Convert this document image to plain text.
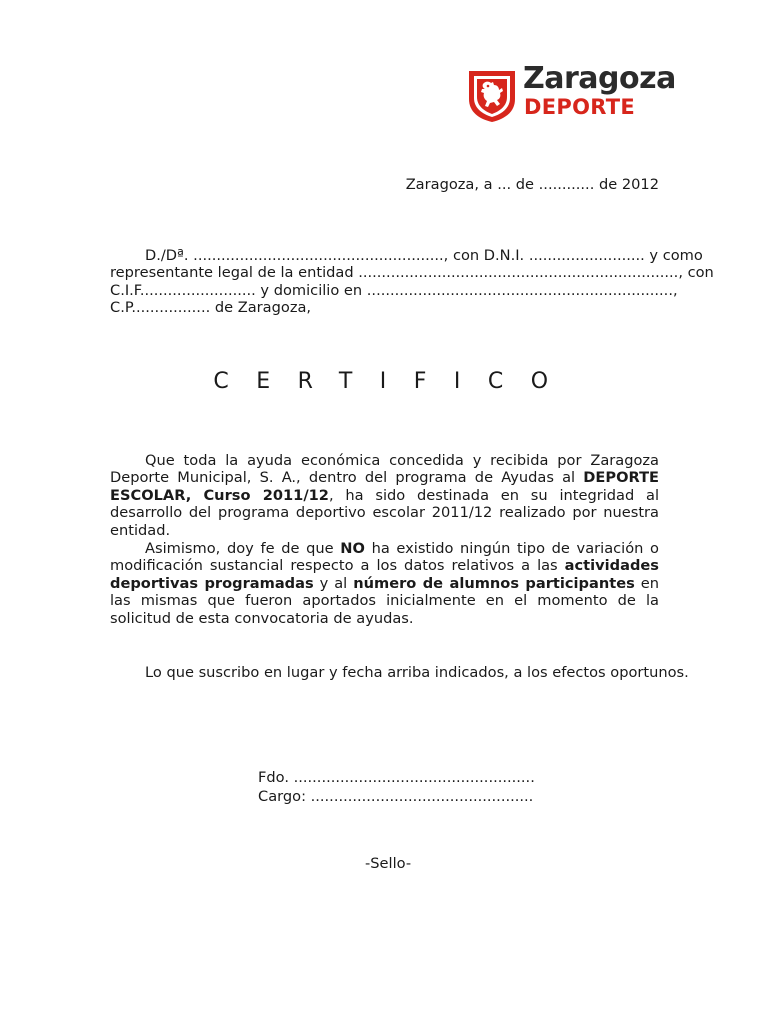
Zaragoza
DEPORTE
Zaragoza, a ... de ............ de 2012
D./Dª. ......................................................, con D.N.I. ......................... y como
representante legal de la entidad ....................................................................., con
C.I.F......................... y domicilio en ..................................................................,
C.P................. de Zaragoza,
CERTIFICO

Que toda la ayuda económica concedida y recibida por Zaragoza Deporte Municipal, S. A., dentro del programa de Ayudas al DEPORTE ESCOLAR, Curso 2011/12, ha sido destinada en su integridad al desarrollo del programa deportivo escolar 2011/12 realizado por nuestra entidad.

Asimismo, doy fe de que NO ha existido ningún tipo de variación o modificación sustancial respecto a los datos relativos a las actividades deportivas programadas y al número de alumnos participantes en las mismas que fueron aportados inicialmente en el momento de la solicitud de esta convocatoria de ayudas.

Lo que suscribo en lugar y fecha arriba indicados, a los efectos oportunos.
Fdo. ....................................................
Cargo: ................................................
-Sello-
